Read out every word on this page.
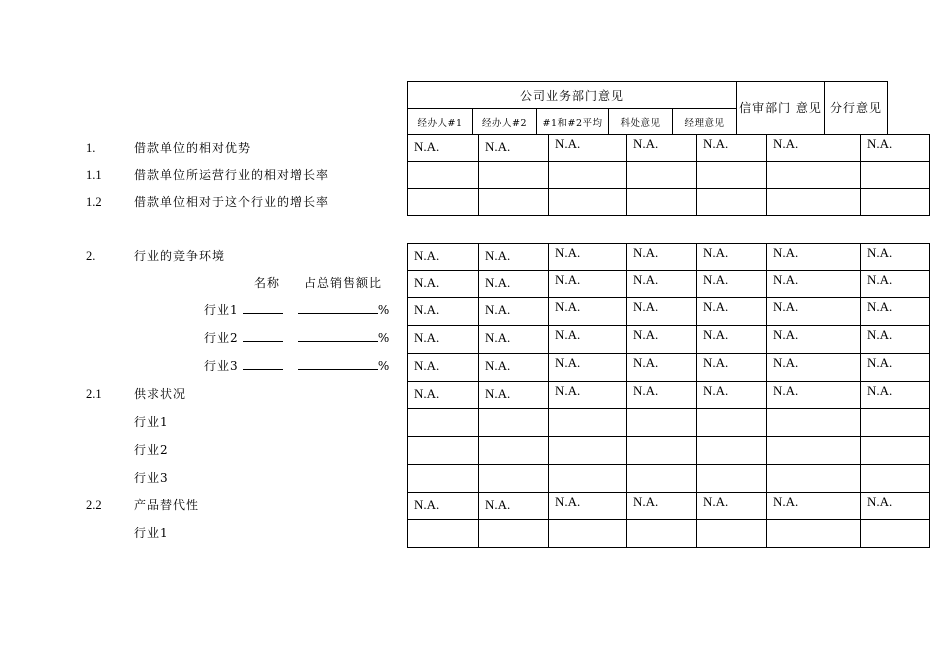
公司业务部门意见					信审部门 意见	分行意见
经办人#1	经办人#2	#1和#2平均	科处意见	经理意见		
N.A.	N.A.	N.A.	N.A.	N.A.	N.A.	N.A.

N.A.	N.A.	N.A.	N.A.	N.A.	N.A.	N.A.
N.A.	N.A.	N.A.	N.A.	N.A.	N.A.	N.A.
N.A.	N.A.	N.A.	N.A.	N.A.	N.A.	N.A.
N.A.	N.A.	N.A.	N.A.	N.A.	N.A.	N.A.
N.A.	N.A.	N.A.	N.A.	N.A.	N.A.	N.A.
N.A.	N.A.	N.A.	N.A.	N.A.	N.A.	N.A.

N.A.	N.A.	N.A.	N.A.	N.A.	N.A.	N.A.

1.	借款单位的相对优势
1.1	借款单位所运营行业的相对增长率
1.2	借款单位相对于这个行业的增长率
2.	行业的竞争环境
名称 占总销售额比
行业1	%
行业2	%
行业3	%
2.1	供求状况
行业1
行业2
行业3
2.2	产品替代性
行业1
